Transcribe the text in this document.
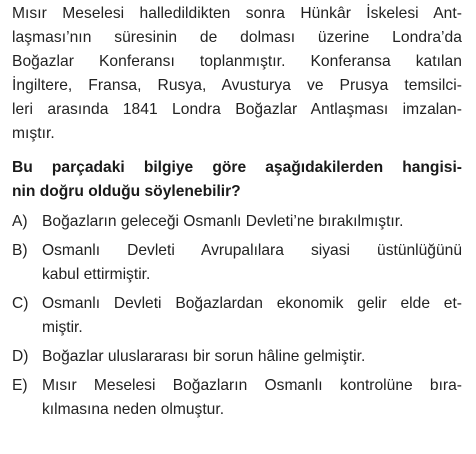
Mısır Meselesi halledildikten sonra Hünkâr İskelesi Ant-
laşması’nın süresinin de dolması üzerine Londra’da
Boğazlar Konferansı toplanmıştır. Konferansa katılan
İngiltere, Fransa, Rusya, Avusturya ve Prusya temsilci-
leri arasında 1841 Londra Boğazlar Antlaşması imzalan-
mıştır.
Bu parçadaki bilgiye göre aşağıdakilerden hangisi-
nin doğru olduğu söylenebilir?
A) Boğazların geleceği Osmanlı Devleti’ne bırakılmıştır.
B) Osmanlı Devleti Avrupalılara siyasi üstünlüğünü
kabul ettirmiştir.
C) Osmanlı Devleti Boğazlardan ekonomik gelir elde et-
miştir.
D) Boğazlar uluslararası bir sorun hâline gelmiştir.
E) Mısır Meselesi Boğazların Osmanlı kontrolüne bıra-
kılmasına neden olmuştur.
